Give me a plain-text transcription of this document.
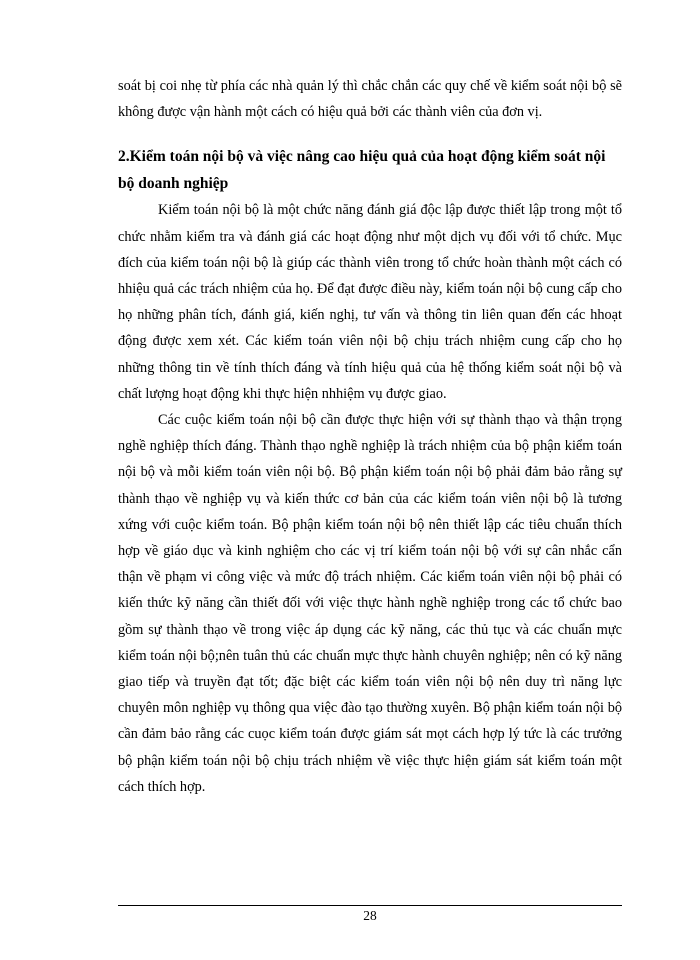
soát bị coi nhẹ từ phía các nhà quản lý thì chắc chắn các quy chế về kiểm soát nội bộ sẽ không được vận hành một cách có hiệu quả bởi các thành viên của đơn vị.

2.Kiểm toán nội bộ và việc nâng cao hiệu quả của hoạt động kiểm soát nội bộ doanh nghiệp

Kiểm toán nội bộ là một chức năng đánh giá độc lập được thiết lập trong một tổ chức nhằm kiểm tra và đánh giá các hoạt động như một dịch vụ đối với tổ chức. Mục đích của kiểm toán nội bộ là giúp các thành viên trong tổ chức hoàn thành một cách có hhiệu quả các trách nhiệm của họ. Để đạt được điều này, kiểm toán nội bộ cung cấp cho họ những phân tích, đánh giá, kiến nghị, tư vấn và thông tin liên quan đến các hhoạt động được xem xét. Các kiểm toán viên nội bộ chịu trách nhiệm cung cấp cho họ những thông tin về tính thích đáng và tính hiệu quả của hệ thống kiểm soát nội bộ và chất lượng hoạt động khi thực hiện nhhiệm vụ được giao.

Các cuộc kiểm toán nội bộ cần được thực hiện với sự thành thạo và thận trọng nghề nghiệp thích đáng. Thành thạo nghề nghiệp là trách nhiệm của bộ phận kiểm toán nội bộ và mỗi kiểm toán viên nội bộ. Bộ phận kiểm toán nội bộ phải đảm bảo rằng sự thành thạo về nghiệp vụ và kiến thức cơ bản của các kiểm toán viên nội bộ là tương xứng với cuộc kiểm toán. Bộ phận kiểm toán nội bộ nên thiết lập các tiêu chuẩn thích hợp về giáo dục và kinh nghiệm cho các vị trí kiểm toán nội bộ với sự cân nhắc cẩn thận về phạm vi công việc và mức độ trách nhiệm. Các kiểm toán viên nội bộ phải có kiến thức kỹ năng cần thiết đối với việc thực hành nghề nghiệp trong các tổ chức bao gồm sự thành thạo về trong việc áp dụng các kỹ năng, các thủ tục và các chuẩn mực kiểm toán nội bộ;nên tuân thủ các chuẩn mực thực hành chuyên nghiệp; nên có kỹ năng giao tiếp và truyền đạt tốt; đặc biệt các kiểm toán viên nội bộ nên duy trì năng lực chuyên môn nghiệp vụ thông qua việc đào tạo thường xuyên. Bộ phận kiểm toán nội bộ cần đảm bảo rằng các cuọc kiểm toán được giám sát mọt cách hợp lý tức là các trưởng bộ phận kiểm toán nội bộ chịu trách nhiệm về việc thực hiện giám sát kiểm toán một cách thích hợp.

28
